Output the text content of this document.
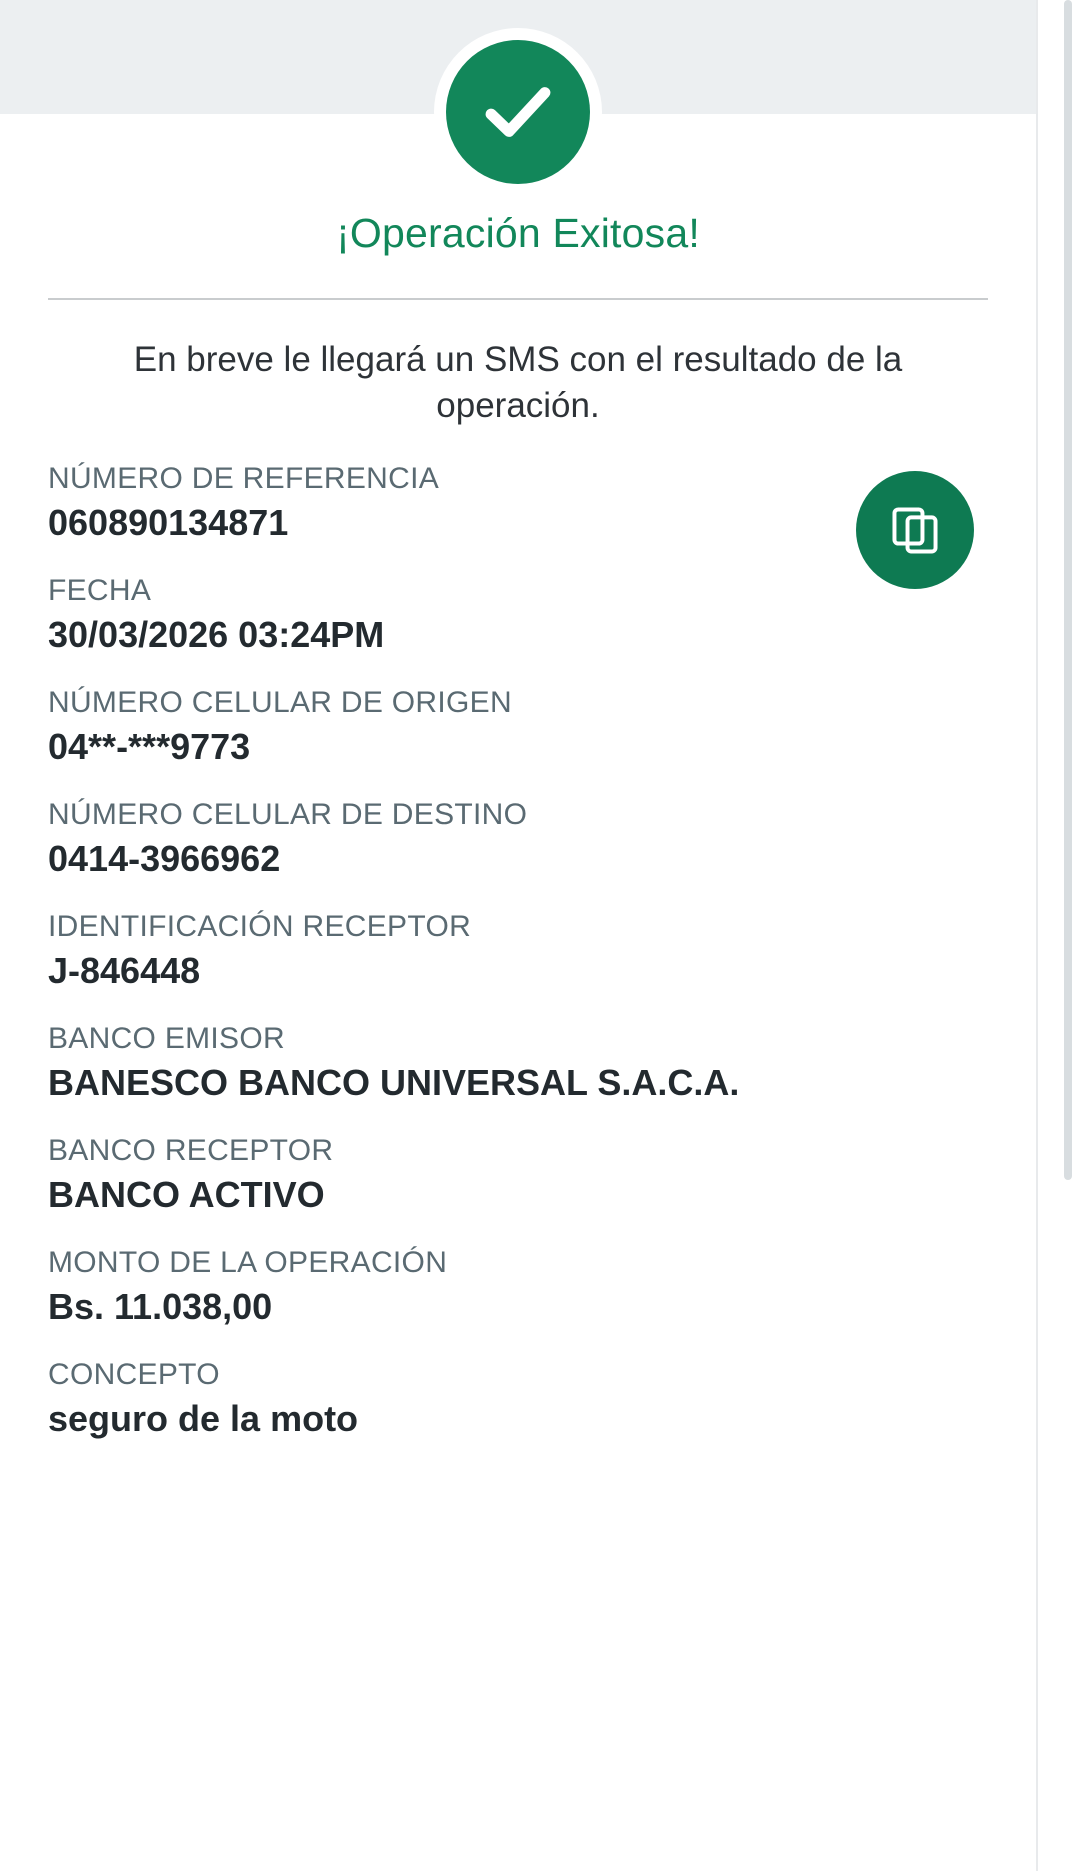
¡Operación Exitosa!
En breve le llegará un SMS con el resultado de la operación.
NÚMERO DE REFERENCIA
060890134871
FECHA
30/03/2026 03:24PM
NÚMERO CELULAR DE ORIGEN
04**-***9773
NÚMERO CELULAR DE DESTINO
0414-3966962
IDENTIFICACIÓN RECEPTOR
J-846448
BANCO EMISOR
BANESCO BANCO UNIVERSAL S.A.C.A.
BANCO RECEPTOR
BANCO ACTIVO
MONTO DE LA OPERACIÓN
Bs. 11.038,00
CONCEPTO
seguro de la moto
